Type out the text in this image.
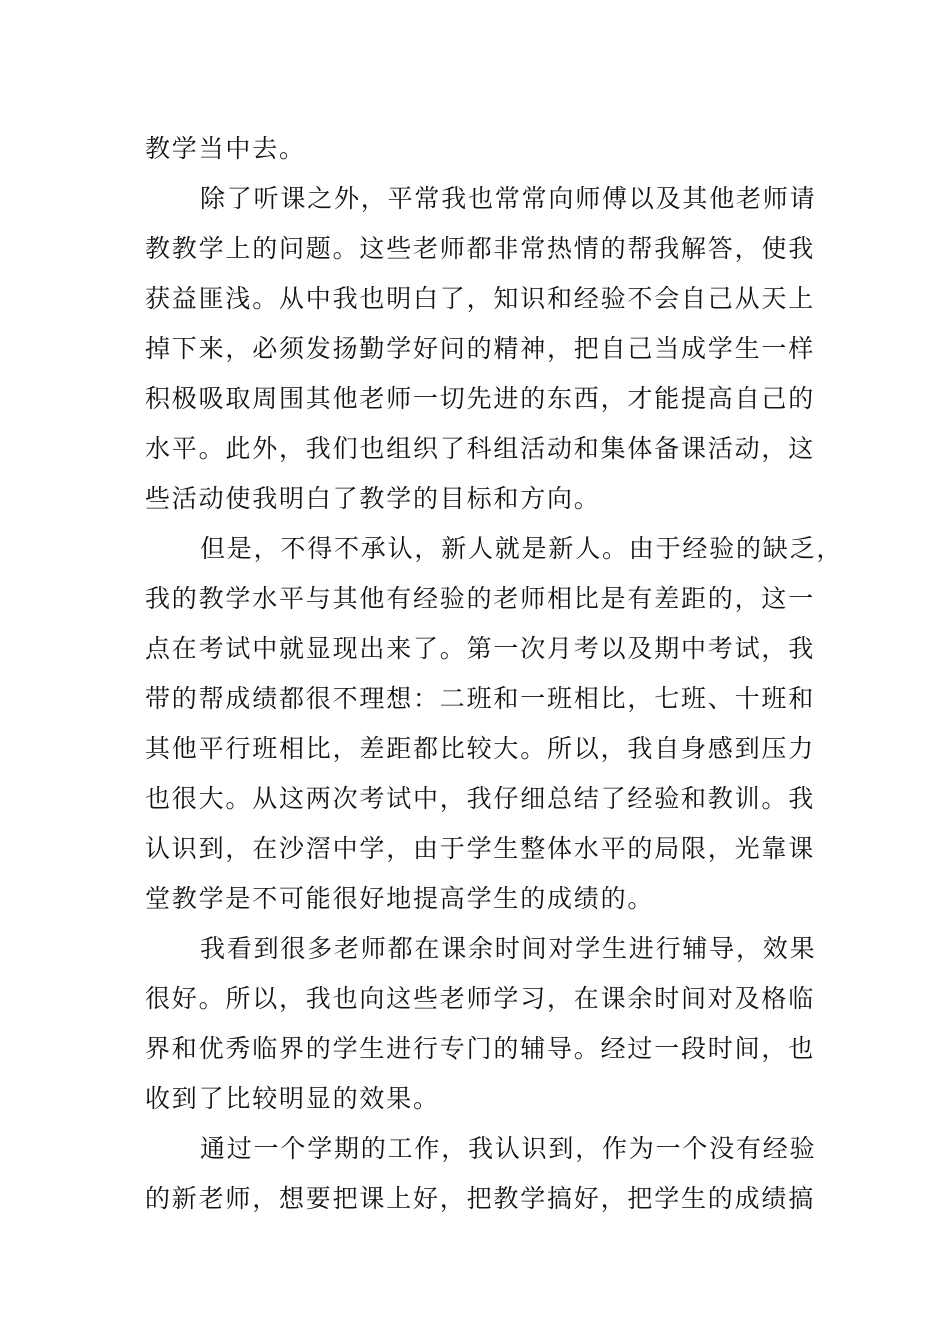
教学当中去。
除了听课之外，平常我也常常向师傅以及其他老师请
教教学上的问题。这些老师都非常热情的帮我解答，使我
获益匪浅。从中我也明白了，知识和经验不会自己从天上
掉下来，必须发扬勤学好问的精神，把自己当成学生一样
积极吸取周围其他老师一切先进的东西，才能提高自己的
水平。此外，我们也组织了科组活动和集体备课活动，这
些活动使我明白了教学的目标和方向。
但是，不得不承认，新人就是新人。由于经验的缺乏，
我的教学水平与其他有经验的老师相比是有差距的，这一
点在考试中就显现出来了。第一次月考以及期中考试，我
带的帮成绩都很不理想：二班和一班相比，七班、十班和
其他平行班相比，差距都比较大。所以，我自身感到压力
也很大。从这两次考试中，我仔细总结了经验和教训。我
认识到，在沙滘中学，由于学生整体水平的局限，光靠课
堂教学是不可能很好地提高学生的成绩的。
我看到很多老师都在课余时间对学生进行辅导，效果
很好。所以，我也向这些老师学习，在课余时间对及格临
界和优秀临界的学生进行专门的辅导。经过一段时间，也
收到了比较明显的效果。
通过一个学期的工作，我认识到，作为一个没有经验
的新老师，想要把课上好，把教学搞好，把学生的成绩搞
